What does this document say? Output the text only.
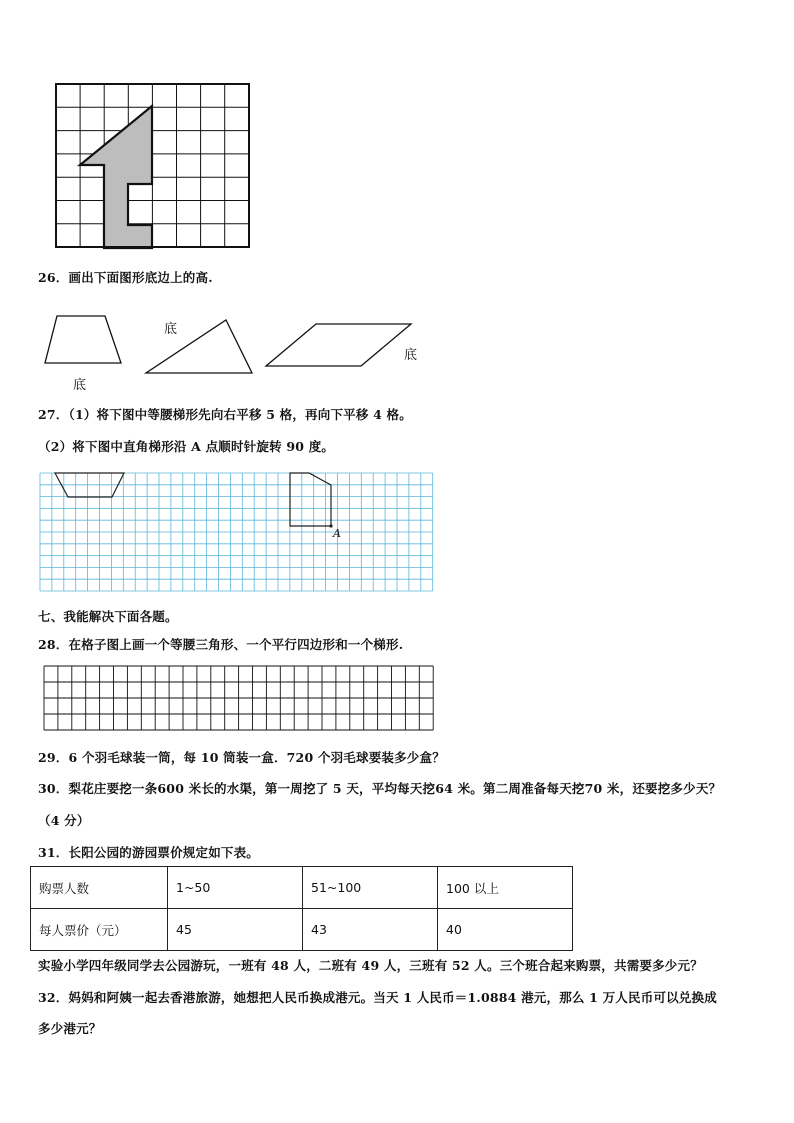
26．画出下面图形底边上的高.
底
底
底
27．（1）将下图中等腰梯形先向右平移 5 格，再向下平移 4 格。
（2）将下图中直角梯形沿 A 点顺时针旋转 90 度。
A
七、我能解决下面各题。
28．在格子图上画一个等腰三角形、一个平行四边形和一个梯形.
29．6 个羽毛球装一筒，每 10 筒装一盒．720 个羽毛球要装多少盒？
30．梨花庄要挖一条600 米长的水渠，第一周挖了 5 天，平均每天挖64 米。第二周准备每天挖70 米，还要挖多少天？
（4 分）
31．长阳公园的游园票价规定如下表。
购票人数	1~50	51~100	100 以上
每人票价（元）	45	43	40
实验小学四年级同学去公园游玩，一班有 48 人，二班有 49 人，三班有 52 人。三个班合起来购票，共需要多少元？
32．妈妈和阿姨一起去香港旅游，她想把人民币换成港元。当天 1 人民币＝1.0884 港元，那么 1 万人民币可以兑换成
多少港元？
